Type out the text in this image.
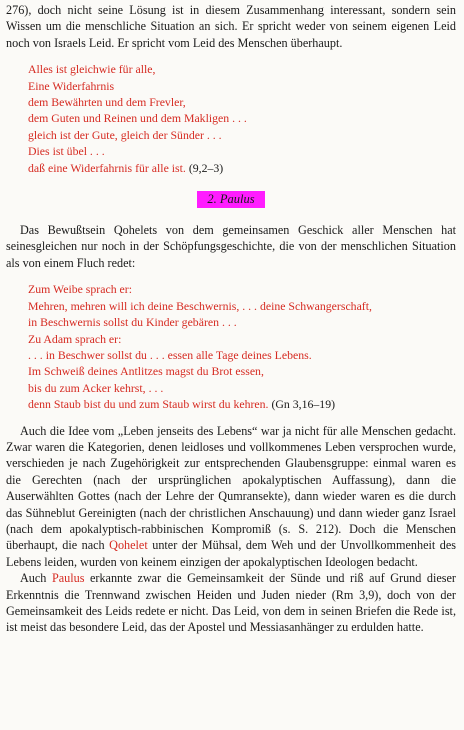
276), doch nicht seine Lösung ist in diesem Zusammenhang interessant, sondern sein Wissen um die menschliche Situation an sich. Er spricht weder von seinem eigenen Leid noch von Israels Leid. Er spricht vom Leid des Menschen überhaupt.

Alles ist gleichwie für alle,
Eine Widerfahrnis
dem Bewährten und dem Frevler,
dem Guten und Reinen und dem Makligen . . .
gleich ist der Gute, gleich der Sünder . . .
Dies ist übel . . .
daß eine Widerfahrnis für alle ist. (9,2–3)
2. Paulus

Das Bewußtsein Qohelets von dem gemeinsamen Geschick aller Menschen hat seinesgleichen nur noch in der Schöpfungsgeschichte, die von der menschlichen Situation als von einem Fluch redet:

Zum Weibe sprach er:
Mehren, mehren will ich deine Beschwernis, . . . deine Schwangerschaft,
in Beschwernis sollst du Kinder gebären . . .
Zu Adam sprach er:
. . . in Beschwer sollst du . . . essen alle Tage deines Lebens.
Im Schweiß deines Antlitzes magst du Brot essen,
bis du zum Acker kehrst, . . .
denn Staub bist du und zum Staub wirst du kehren. (Gn 3,16–19)

Auch die Idee vom „Leben jenseits des Lebens“ war ja nicht für alle Menschen gedacht. Zwar waren die Kategorien, denen leidloses und vollkommenes Leben versprochen wurde, verschieden je nach Zugehörigkeit zur entsprechenden Glaubensgruppe: einmal waren es die Gerechten (nach der ursprünglichen apokalyptischen Auffassung), dann die Auserwählten Gottes (nach der Lehre der Qumransekte), dann wieder waren es die durch das Sühneblut Gereinigten (nach der christlichen Anschauung) und dann wieder ganz Israel (nach dem apokalyptisch-rabbinischen Kompromiß (s. S. 212). Doch die Menschen überhaupt, die nach Qohelet unter der Mühsal, dem Weh und der Unvollkommenheit des Lebens leiden, wurden von keinem einzigen der apokalyptischen Ideologen bedacht.

Auch Paulus erkannte zwar die Gemeinsamkeit der Sünde und riß auf Grund dieser Erkenntnis die Trennwand zwischen Heiden und Juden nieder (Rm 3,9), doch von der Gemeinsamkeit des Leids redete er nicht. Das Leid, von dem in seinen Briefen die Rede ist, ist meist das besondere Leid, das der Apostel und Messiasanhänger zu erdulden hatte.
